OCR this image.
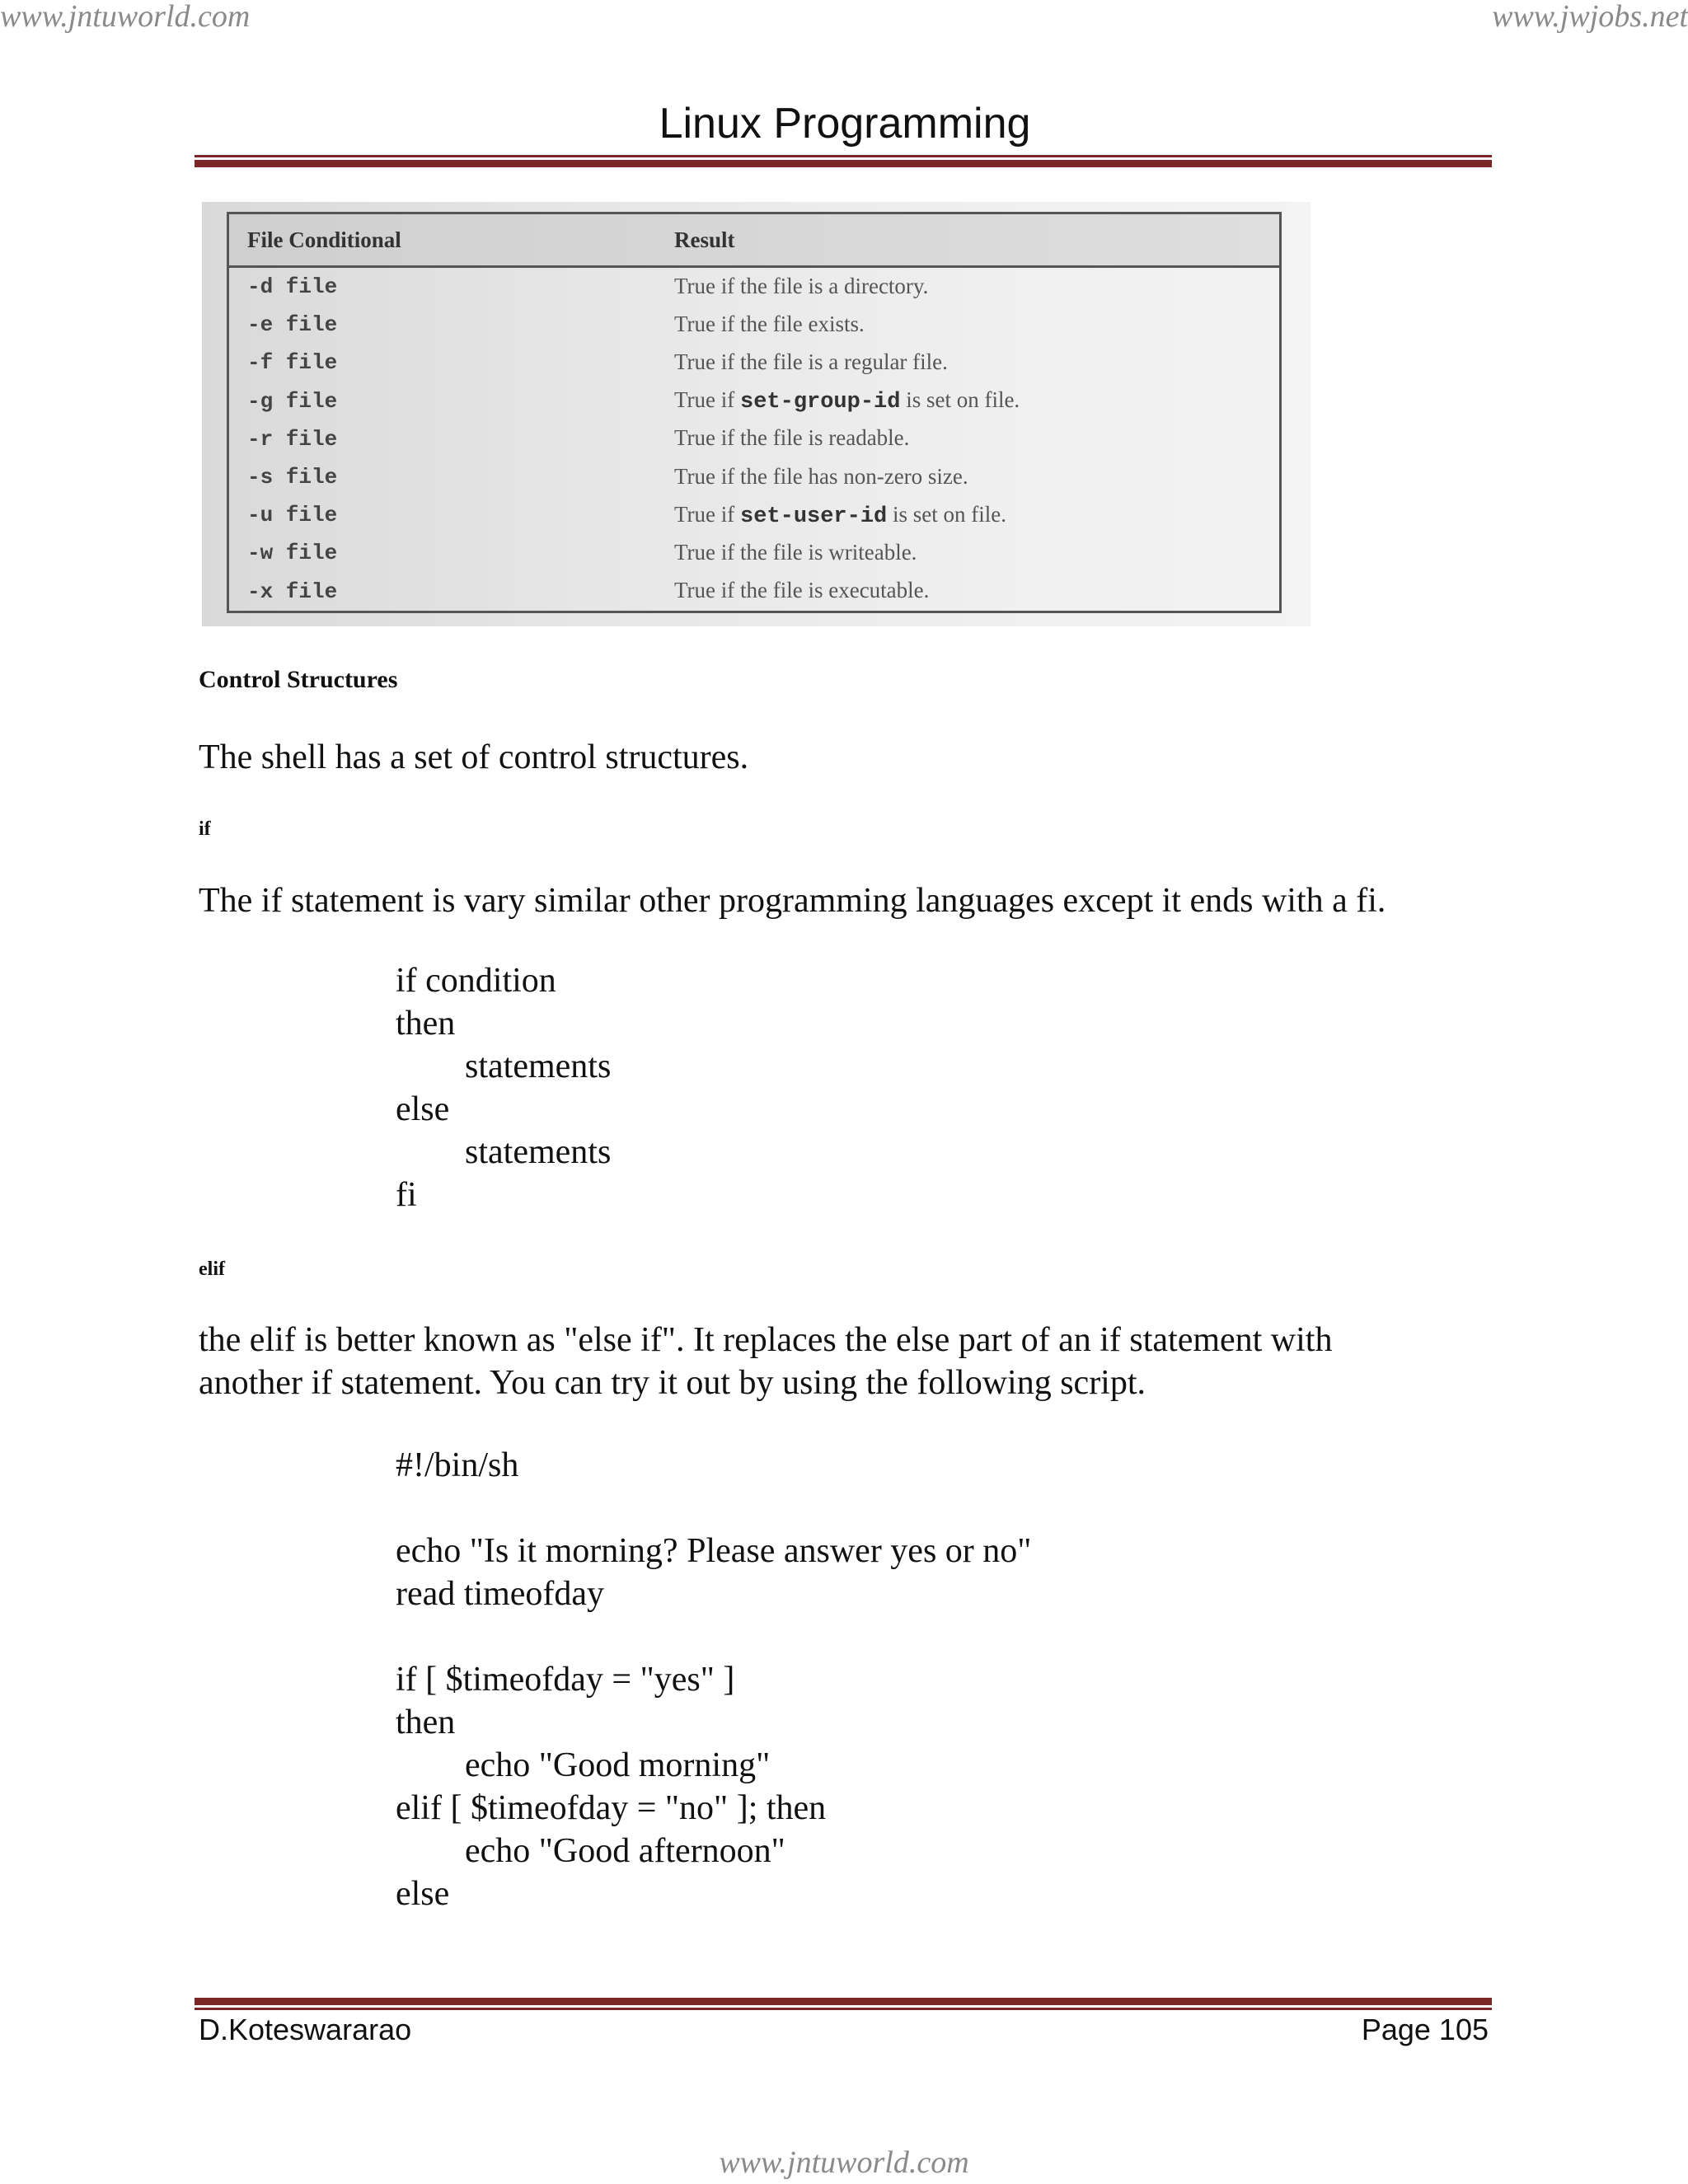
www.jntuworld.com	www.jwjobs.net
Linux Programming
File Conditional	Result
-d file	True if the file is a directory.
-e file	True if the file exists.
-f file	True if the file is a regular file.
-g file	True if set-group-id is set on file.
-r file	True if the file is readable.
-s file	True if the file has non-zero size.
-u file	True if set-user-id is set on file.
-w file	True if the file is writeable.
-x file	True if the file is executable.
Control Structures
The shell has a set of control structures.
if
The if statement is vary similar other programming languages except it ends with a fi.
if condition
then
statements
else
statements
fi
elif
the elif is better known as "else if". It replaces the else part of an if statement with
another if statement. You can try it out by using the following script.
#!/bin/sh

echo "Is it morning? Please answer yes or no"
read timeofday

if [ $timeofday = "yes" ]
then
echo "Good morning"
elif [ $timeofday = "no" ]; then
echo "Good afternoon"
else
D.Koteswararao	Page 105
www.jntuworld.com
